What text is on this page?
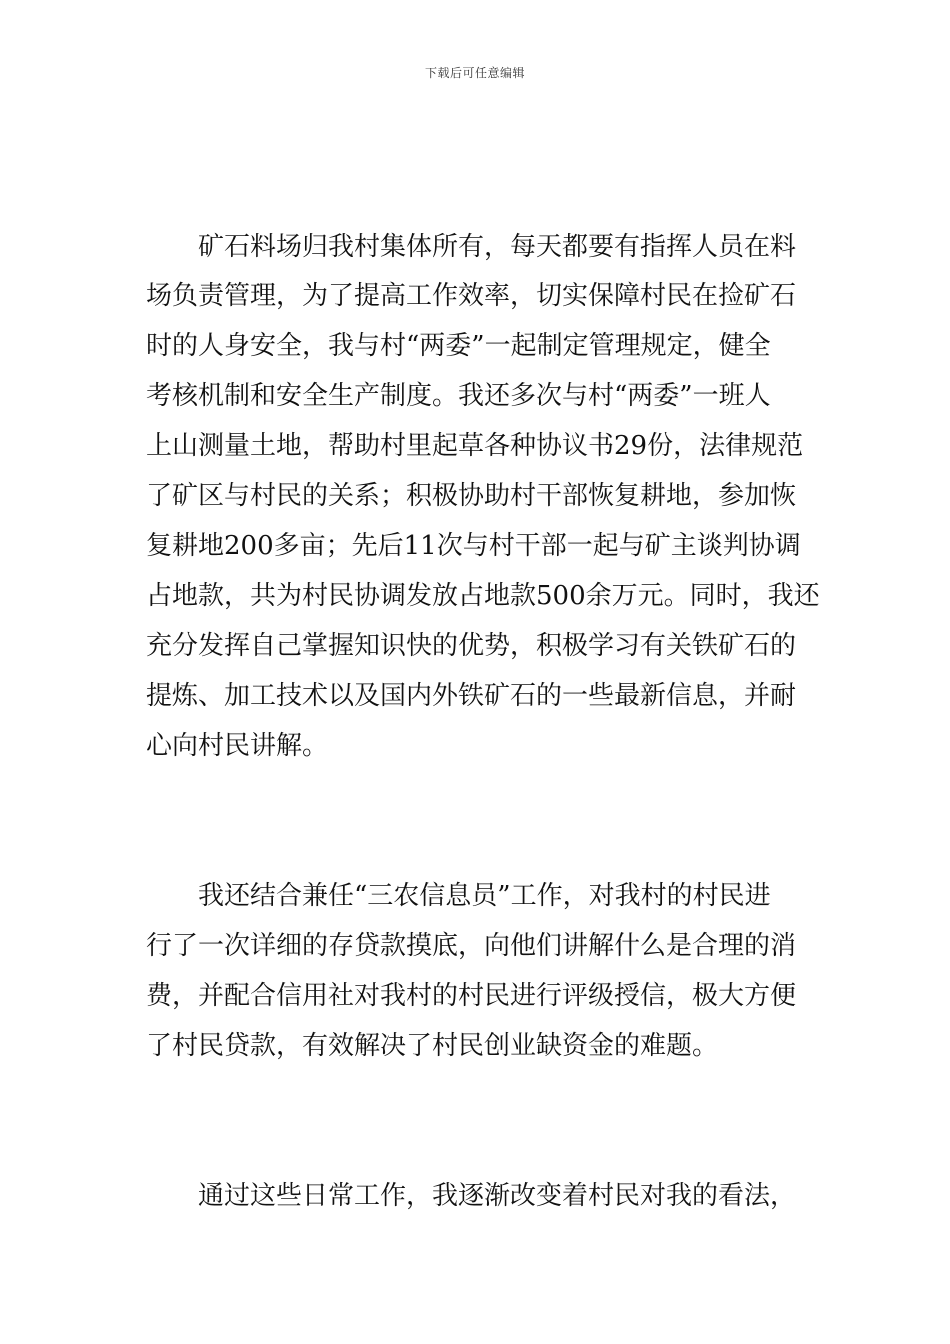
下载后可任意编辑
矿石料场归我村集体所有，每天都要有指挥人员在料
场负责管理，为了提高工作效率，切实保障村民在捡矿石
时的人身安全，我与村“两委”一起制定管理规定，健全
考核机制和安全生产制度。我还多次与村“两委”一班人
上山测量土地，帮助村里起草各种协议书29份，法律规范
了矿区与村民的关系；积极协助村干部恢复耕地，参加恢
复耕地200多亩；先后11次与村干部一起与矿主谈判协调
占地款，共为村民协调发放占地款500余万元。同时，我还
充分发挥自己掌握知识快的优势，积极学习有关铁矿石的
提炼、加工技术以及国内外铁矿石的一些最新信息，并耐
心向村民讲解。
我还结合兼任“三农信息员”工作，对我村的村民进
行了一次详细的存贷款摸底，向他们讲解什么是合理的消
费，并配合信用社对我村的村民进行评级授信，极大方便
了村民贷款，有效解决了村民创业缺资金的难题。
通过这些日常工作，我逐渐改变着村民对我的看法，
